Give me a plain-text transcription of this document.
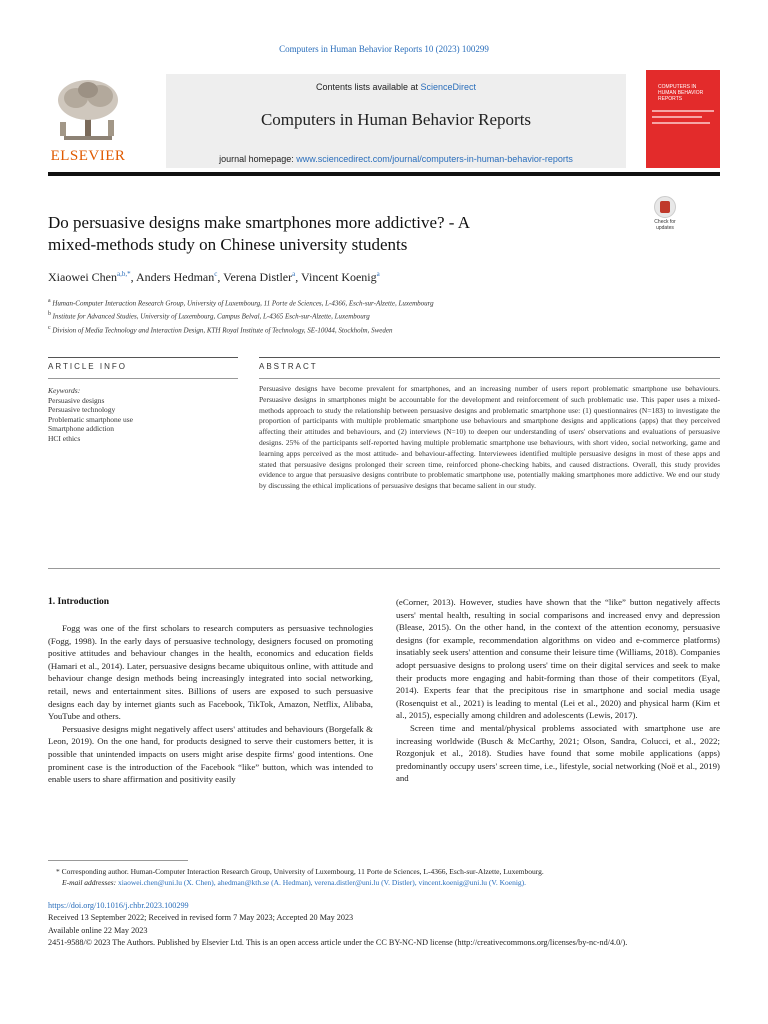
Computers in Human Behavior Reports 10 (2023) 100299
ELSEVIER
Contents lists available at ScienceDirect
Computers in Human Behavior Reports
journal homepage: www.sciencedirect.com/journal/computers-in-human-behavior-reports
COMPUTERS IN HUMAN BEHAVIOR REPORTS
Do persuasive designs make smartphones more addictive? - A
mixed-methods study on Chinese university students
Check for updates
Xiaowei Chen$^{a,b,*}$, Anders Hedman$^c$, Verena Distler$^a$, Vincent Koenig$^a$
$^a$ Human-Computer Interaction Research Group, University of Luxembourg, 11 Porte de Sciences, L-4366, Esch-sur-Alzette, Luxembourg
$^b$ Institute for Advanced Studies, University of Luxembourg, Campus Belval, L-4365 Esch-sur-Alzette, Luxembourg
$^c$ Division of Media Technology and Interaction Design, KTH Royal Institute of Technology, SE-10044, Stockholm, Sweden
ARTICLE INFO	ABSTRACT
Keywords:
Persuasive designs
Persuasive technology
Problematic smartphone use
Smartphone addiction
HCI ethics
Persuasive designs have become prevalent for smartphones, and an increasing number of users report problematic smartphone use behaviours. Persuasive designs in smartphones might be accountable for the development and reinforcement of such problematic use. This paper uses a mixed-methods approach to study the relationship between persuasive designs and problematic smartphone use: (1) questionnaires (N=183) to investigate the proportion of participants with multiple problematic smartphone use behaviours and smartphone designs and applications (apps) that they perceived affecting their attitudes and behaviours, and (2) interviews (N=10) to deepen our understanding of users' observations and evaluations of persuasive designs. 25% of the participants self-reported having multiple problematic smartphone use behaviours, with short video, social networking, game and learning apps perceived as the most attitude- and behaviour-affecting. Interviewees identified multiple persuasive designs in most of these apps and stated that persuasive designs prolonged their screen time, reinforced phone-checking habits, and caused distractions. Overall, this study provides evidence to argue that persuasive designs contribute to problematic smartphone use, potentially making smartphones more addictive. We end our study by discussing the ethical implications of persuasive designs that became salient in our study.
1. Introduction

Fogg was one of the first scholars to research computers as persuasive technologies (Fogg, 1998). In the early days of persuasive technology, designers focused on promoting positive attitudes and behaviour changes in the health, economics and education fields (Hamari et al., 2014). Later, persuasive designs became ubiquitous online, with attitude and behaviour change design methods being increasingly integrated into social networking, retail, news and entertainment sites. Billions of users are exposed to such persuasive designs each day by internet giants such as Facebook, TikTok, Amazon, Netflix, Alibaba, YouTube and others.

Persuasive designs might negatively affect users' attitudes and behaviours (Borgefalk & Leon, 2019). On the one hand, for products designed to serve their customers better, it is possible that unintended impacts on users might arise despite firms' good intentions. One prominent case is the introduction of the Facebook “like” button, which was intended to enable users to share affirmation and positivity easily

(eCorner, 2013). However, studies have shown that the “like” button negatively affects users' mental health, resulting in social comparisons and increased envy and depression (Blease, 2015). On the other hand, in the context of the attention economy, persuasive designs (for example, recommendation algorithms on video and e-commerce platforms) insatiably seek users' attention and consume their leisure time (Williams, 2018). Companies adopt persuasive designs to prolong users' time on their digital services and seek to make their products more engaging and habit-forming than those of their competitors (Eyal, 2014). Experts fear that the precipitous rise in smartphone and social media usage (Rosenquist et al., 2021) is leading to mental (Lei et al., 2020) and physical harm (Kim et al., 2015), especially among children and adolescents (Lewis, 2017).

Screen time and mental/physical problems associated with smartphone use are increasing worldwide (Busch & McCarthy, 2021; Olson, Sandra, Colucci, et al., 2022; Rozgonjuk et al., 2018). Studies have found that some mobile applications (apps) predominantly occupy users' screen time, i.e., lifestyle, social networking (Noë et al., 2019) and

* Corresponding author. Human-Computer Interaction Research Group, University of Luxembourg, 11 Porte de Sciences, L-4366, Esch-sur-Alzette, Luxembourg.
E-mail addresses: xiaowei.chen@uni.lu (X. Chen), ahedman@kth.se (A. Hedman), verena.distler@uni.lu (V. Distler), vincent.koenig@uni.lu (V. Koenig).
https://doi.org/10.1016/j.chbr.2023.100299
Received 13 September 2022; Received in revised form 7 May 2023; Accepted 20 May 2023
Available online 22 May 2023
2451-9588/© 2023 The Authors. Published by Elsevier Ltd. This is an open access article under the CC BY-NC-ND license (http://creativecommons.org/licenses/by-nc-nd/4.0/).
